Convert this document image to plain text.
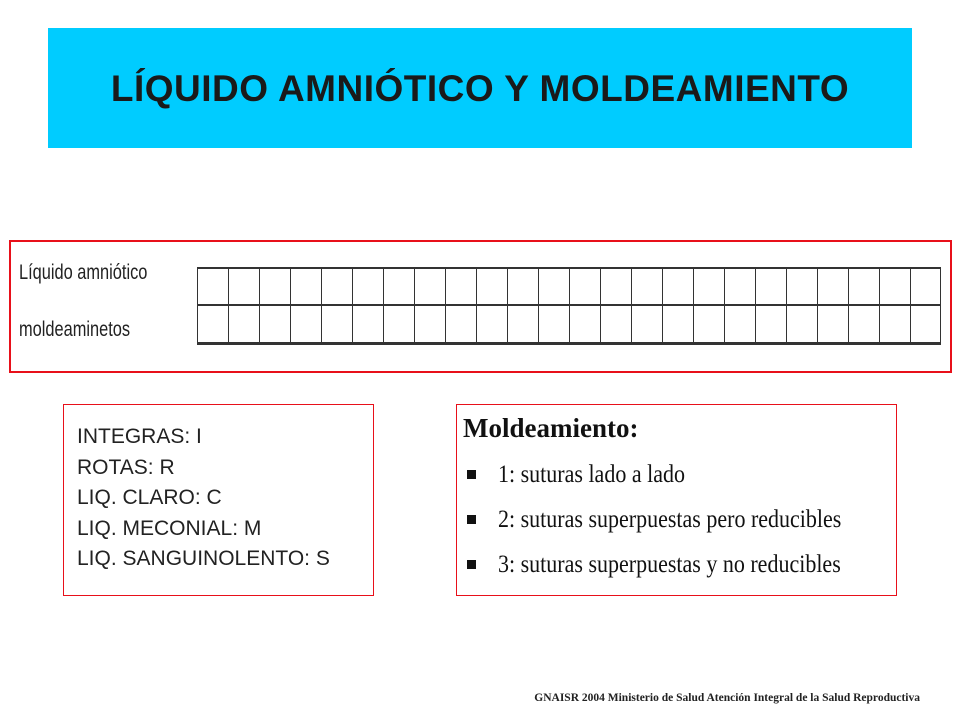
LÍQUIDO AMNIÓTICO Y MOLDEAMIENTO
Líquido amniótico
moldeaminetos
INTEGRAS: I
ROTAS: R
LIQ. CLARO: C
LIQ. MECONIAL: M
LIQ. SANGUINOLENTO: S
Moldeamiento:
1: suturas lado a lado
2: suturas superpuestas pero reducibles
3: suturas superpuestas y no reducibles
GNAISR 2004 Ministerio de Salud Atención Integral de la Salud Reproductiva
